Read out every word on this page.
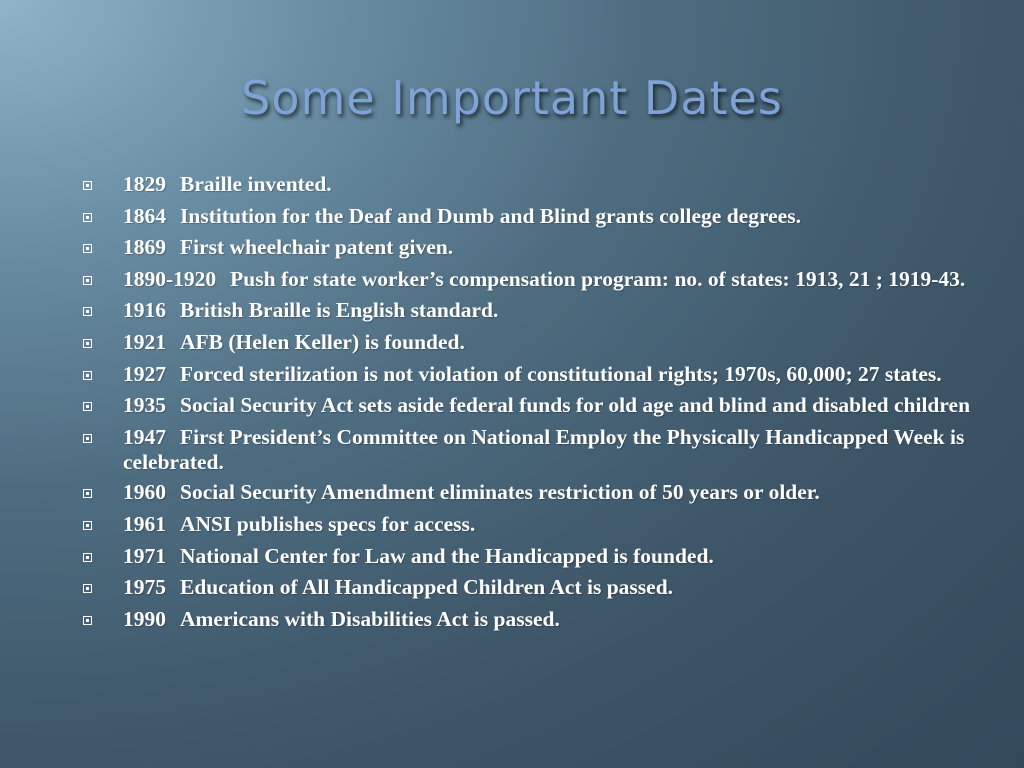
Some Important Dates
1829 Braille invented.
1864 Institution for the Deaf and Dumb and Blind grants college degrees.
1869 First wheelchair patent given.
1890-1920 Push for state worker’s compensation program: no. of states: 1913, 21 ; 1919-43.
1916 British Braille is English standard.
1921 AFB (Helen Keller) is founded.
1927 Forced sterilization is not violation of constitutional rights; 1970s, 60,000; 27 states.
1935 Social Security Act sets aside federal funds for old age and blind and disabled children
1947 First President’s Committee on National Employ the Physically Handicapped Week is celebrated.
1960 Social Security Amendment eliminates restriction of 50 years or older.
1961 ANSI publishes specs for access.
1971 National Center for Law and the Handicapped is founded.
1975 Education of All Handicapped Children Act is passed.
1990 Americans with Disabilities Act is passed.
